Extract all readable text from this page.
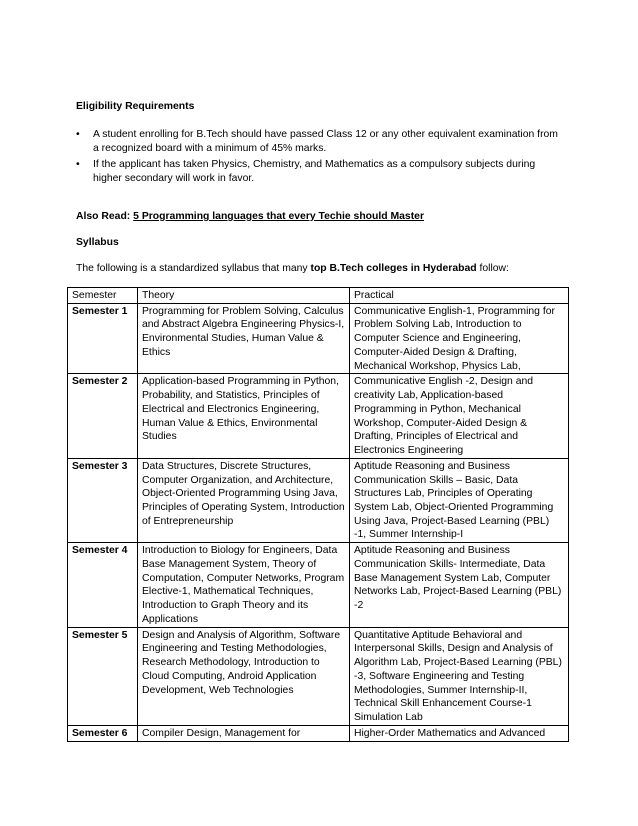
Eligibility Requirements
• A student enrolling for B.Tech should have passed Class 12 or any other equivalent examination from a recognized board with a minimum of 45% marks.
• If the applicant has taken Physics, Chemistry, and Mathematics as a compulsory subjects during higher secondary will work in favor.
Also Read: 5 Programming languages that every Techie should Master
Syllabus
The following is a standardized syllabus that many top B.Tech colleges in Hyderabad follow:
Semester	Theory	Practical
Semester 1	Programming for Problem Solving, Calculus and Abstract Algebra Engineering Physics-I, Environmental Studies, Human Value & Ethics	Communicative English-1, Programming for Problem Solving Lab, Introduction to Computer Science and Engineering, Computer-Aided Design & Drafting, Mechanical Workshop, Physics Lab,
Semester 2	Application-based Programming in Python, Probability, and Statistics, Principles of Electrical and Electronics Engineering, Human Value & Ethics, Environmental Studies	Communicative English -2, Design and creativity Lab, Application-based Programming in Python, Mechanical Workshop, Computer-Aided Design & Drafting, Principles of Electrical and Electronics Engineering
Semester 3	Data Structures, Discrete Structures, Computer Organization, and Architecture, Object-Oriented Programming Using Java, Principles of Operating System, Introduction of Entrepreneurship	Aptitude Reasoning and Business Communication Skills – Basic, Data Structures Lab, Principles of Operating System Lab, Object-Oriented Programming Using Java, Project-Based Learning (PBL) -1, Summer Internship-I
Semester 4	Introduction to Biology for Engineers, Data Base Management System, Theory of Computation, Computer Networks, Program Elective-1, Mathematical Techniques, Introduction to Graph Theory and its Applications	Aptitude Reasoning and Business Communication Skills- Intermediate, Data Base Management System Lab, Computer Networks Lab, Project-Based Learning (PBL) -2
Semester 5	Design and Analysis of Algorithm, Software Engineering and Testing Methodologies, Research Methodology, Introduction to Cloud Computing, Android Application Development, Web Technologies	Quantitative Aptitude Behavioral and Interpersonal Skills, Design and Analysis of Algorithm Lab, Project-Based Learning (PBL) -3, Software Engineering and Testing Methodologies, Summer Internship-II, Technical Skill Enhancement Course-1 Simulation Lab
Semester 6	Compiler Design, Management for	Higher-Order Mathematics and Advanced
